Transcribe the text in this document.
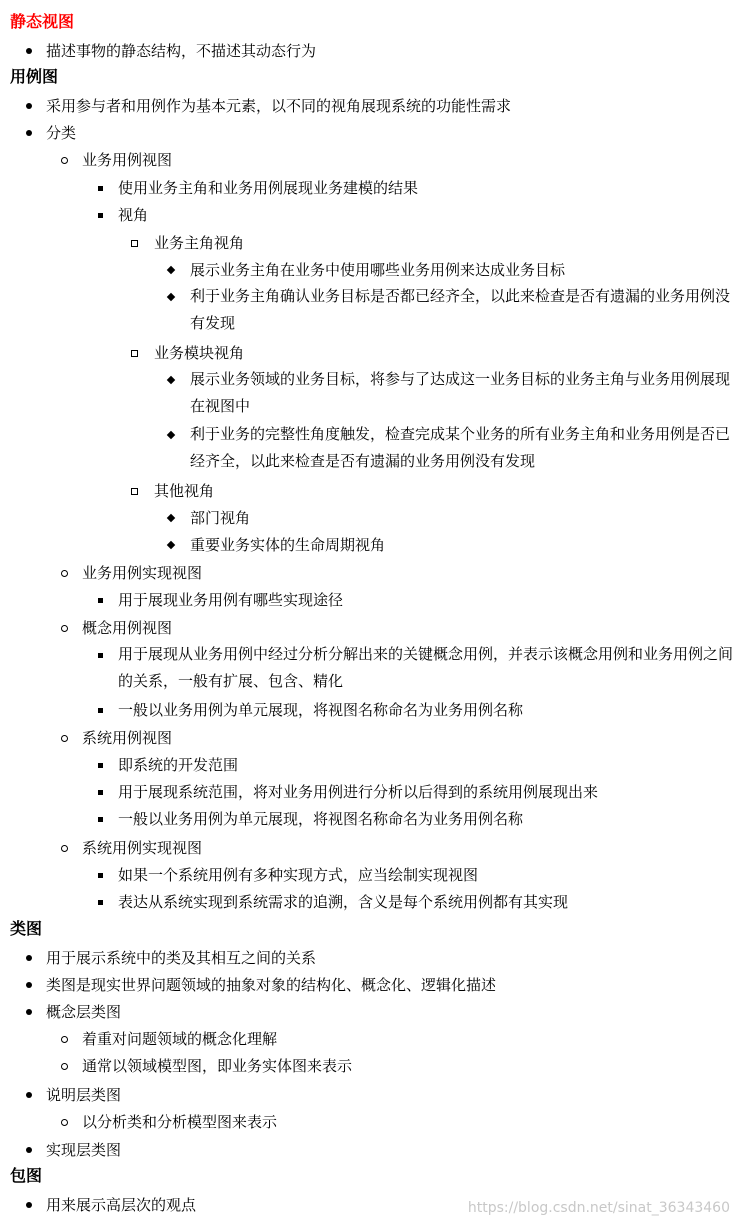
静态视图
描述事物的静态结构，不描述其动态行为
用例图
采用参与者和用例作为基本元素，以不同的视角展现系统的功能性需求
分类
业务用例视图
使用业务主角和业务用例展现业务建模的结果
视角
业务主角视角
展示业务主角在业务中使用哪些业务用例来达成业务目标
利于业务主角确认业务目标是否都已经齐全，以此来检查是否有遗漏的业务用例没有发现
业务模块视角
展示业务领域的业务目标，将参与了达成这一业务目标的业务主角与业务用例展现在视图中
利于业务的完整性角度触发，检查完成某个业务的所有业务主角和业务用例是否已经齐全，以此来检查是否有遗漏的业务用例没有发现
其他视角
部门视角
重要业务实体的生命周期视角
业务用例实现视图
用于展现业务用例有哪些实现途径
概念用例视图
用于展现从业务用例中经过分析分解出来的关键概念用例，并表示该概念用例和业务用例之间的关系，一般有扩展、包含、精化
一般以业务用例为单元展现，将视图名称命名为业务用例名称
系统用例视图
即系统的开发范围
用于展现系统范围，将对业务用例进行分析以后得到的系统用例展现出来
一般以业务用例为单元展现，将视图名称命名为业务用例名称
系统用例实现视图
如果一个系统用例有多种实现方式，应当绘制实现视图
表达从系统实现到系统需求的追溯，含义是每个系统用例都有其实现
类图
用于展示系统中的类及其相互之间的关系
类图是现实世界问题领域的抽象对象的结构化、概念化、逻辑化描述
概念层类图
着重对问题领域的概念化理解
通常以领域模型图，即业务实体图来表示
说明层类图
以分析类和分析模型图来表示
实现层类图
包图
用来展示高层次的观点	https://blog.csdn.net/sinat_36343460
